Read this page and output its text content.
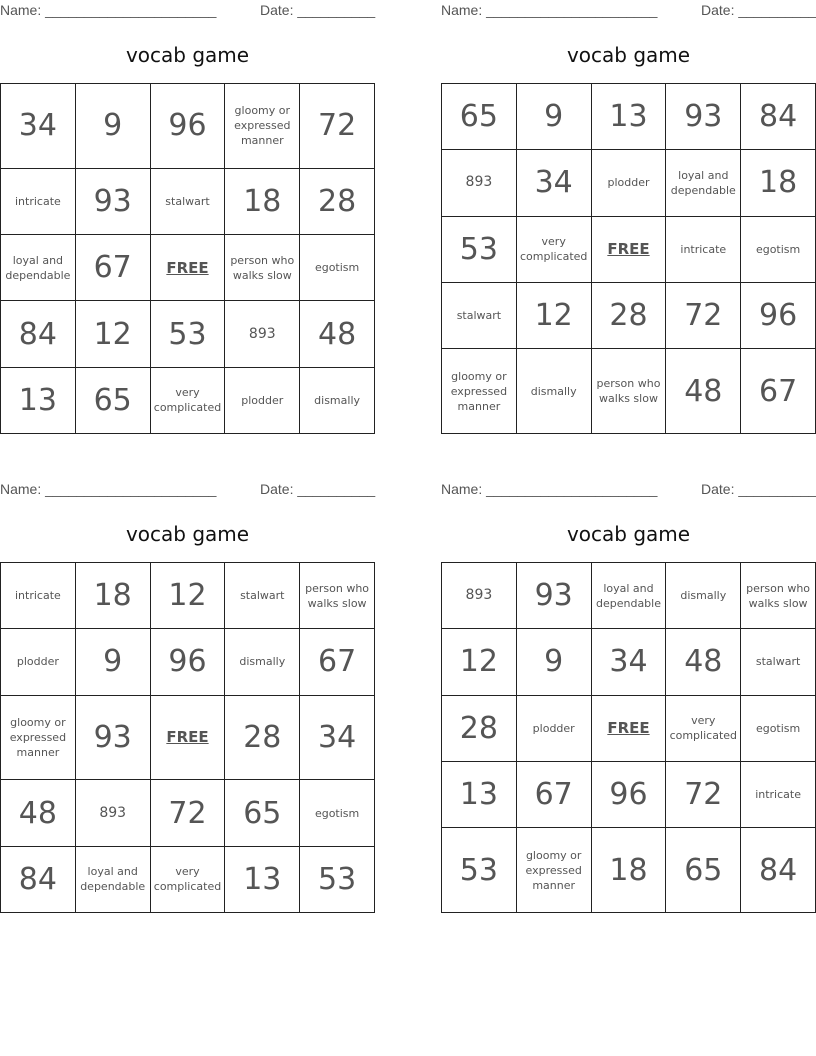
Name: ______________________	Date: __________
vocab game
34	9	96	gloomy or expressed manner	72
intricate	93	stalwart	18	28
loyal and dependable	67	FREE	person who walks slow	egotism
84	12	53	893	48
13	65	very complicated	plodder	dismally
Name: ______________________	Date: __________
vocab game
65	9	13	93	84
893	34	plodder	loyal and dependable	18
53	very complicated	FREE	intricate	egotism
stalwart	12	28	72	96
gloomy or expressed manner	dismally	person who walks slow	48	67
Name: ______________________	Date: __________
vocab game
intricate	18	12	stalwart	person who walks slow
plodder	9	96	dismally	67
gloomy or expressed manner	93	FREE	28	34
48	893	72	65	egotism
84	loyal and dependable	very complicated	13	53
Name: ______________________	Date: __________
vocab game
893	93	loyal and dependable	dismally	person who walks slow
12	9	34	48	stalwart
28	plodder	FREE	very complicated	egotism
13	67	96	72	intricate
53	gloomy or expressed manner	18	65	84
